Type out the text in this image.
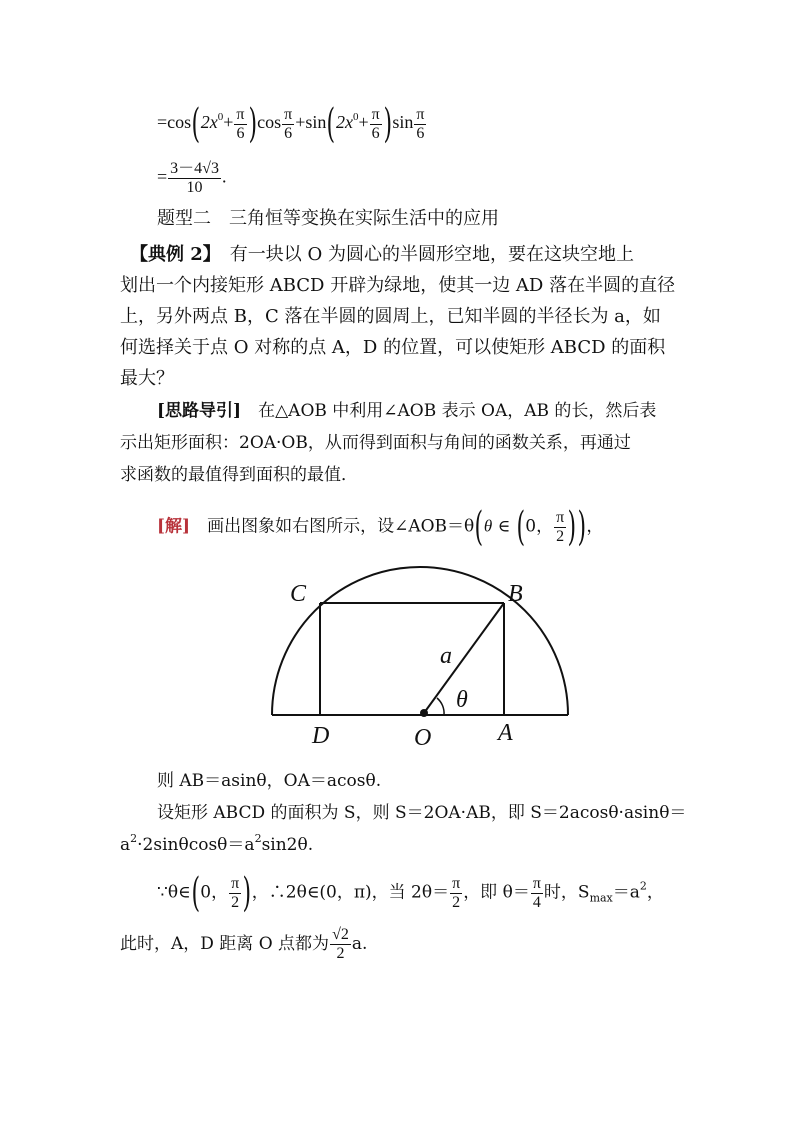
$=\cos(2x^0+ \frac{\pi}{6} )\cos \frac{\pi}{6} +\sin(2x^0+ \frac{\pi}{6} )\sin \frac{\pi}{6}$
= $\frac{3-4√3}{10}$ .
题型二　三角恒等变换在实际生活中的应用
【典例 2】　有一块以 O 为圆心的半圆形空地，要在这块空地上
划出一个内接矩形 ABCD 开辟为绿地，使其一边 AD 落在半圆的直径
上，另外两点 B，C 落在半圆的圆周上，已知半圆的半径长为 a，如
何选择关于点 O 对称的点 A，D 的位置，可以使矩形 ABCD 的面积
最大？
[思路导引]　在△AOB 中利用∠AOB 表示 OA，AB 的长，然后表
示出矩形面积：2OA·OB，从而得到面积与角间的函数关系，再通过
求函数的最值得到面积的最值．
[解]　画出图象如右图所示，设∠AOB＝θ(θ ∈ (0， $\frac{\pi}{2}$ ))，
C	B
a
θ
D	O	A
则 AB＝asinθ，OA＝acosθ.
设矩形 ABCD 的面积为 S，则 S＝2OA·AB，即 S＝2acosθ·asinθ＝
$a^2\cdot 2\sin\theta\cos\theta=a^2\sin 2\theta$.
∵θ∈(0， $\frac{\pi}{2}$ )，∴2θ∈(0，π)，当 $2\theta= \frac{\pi}{2}$ ，即 $\theta= \frac{\pi}{4}$ 时，$S_{max}=a^2$，
此时，A，D 距离 O 点都为 $\frac{√2}{2} a$.
